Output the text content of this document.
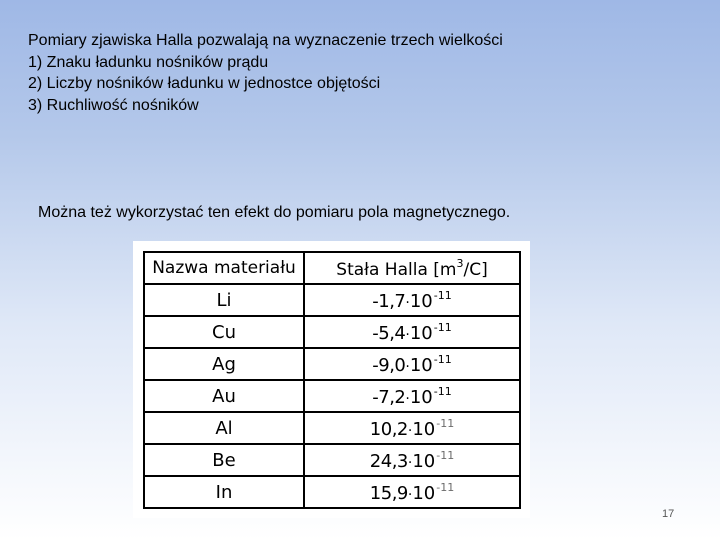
Pomiary zjawiska Halla pozwalają na wyznaczenie trzech wielkości
1) Znaku ładunku nośników prądu
2) Liczby nośników ładunku w jednostce objętości
3) Ruchliwość nośników
Można też wykorzystać ten efekt do pomiaru pola magnetycznego.
Nazwa materiału	Stała Halla $[m^3/C]$
Li	$-1,7\cdot 10^{-11}$
Cu	$-5,4\cdot 10^{-11}$
Ag	$-9,0\cdot 10^{-11}$
Au	$-7,2\cdot 10^{-11}$
Al	$10,2\cdot 10^{-11}$
Be	$24,3\cdot 10^{-11}$
In	$15,9\cdot 10^{-11}$
17
